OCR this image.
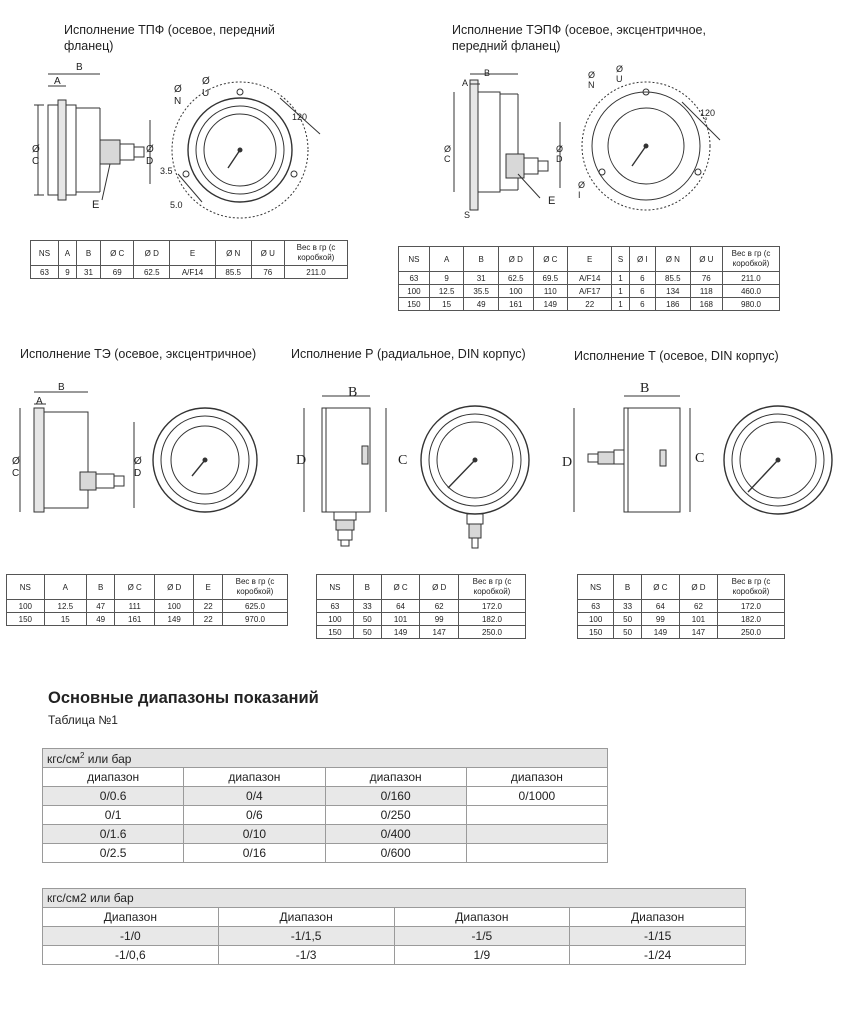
Исполнение ТПФ (осевое, передний фланец)
Исполнение ТЭПФ (осевое, эксцентричное, передний фланец)
Исполнение ТЭ (осевое, эксцентричное)	Исполнение Р (радиальное, DIN корпус)	Исполнение Т (осевое, DIN корпус)
B
A
Ø
C
Ø
D
E
Ø
U
Ø
N
120
3.5
5.0
B
A
Ø
C
Ø
D
E
S
Ø
U
Ø
N
120
°
Ø
I
B
A
Ø
C
Ø
D
D
B
C	D
B
C
NS	A	B	Ø C	Ø D	E	Ø N	Ø U	Вес в гр (с коробкой)
63	9	31	69	62.5	A/F14	85.5	76	211.0
NS	A	B	Ø D	Ø C	E	S	Ø I	Ø N	Ø U	Вес в гр (с коробкой)
63	9	31	62.5	69.5	A/F14	1	6	85.5	76	211.0
100	12.5	35.5	100	110	A/F17	1	6	134	118	460.0
150	15	49	161	149	22	1	6	186	168	980.0
NS	A	B	Ø C	Ø D	E	Вес в гр (с коробкой)
100	12.5	47	111	100	22	625.0
150	15	49	161	149	22	970.0
NS	B	Ø C	Ø D	Вес в гр (с коробкой)
63	33	64	62	172.0
100	50	101	99	182.0
150	50	149	147	250.0
NS	B	Ø C	Ø D	Вес в гр (с коробкой)
63	33	64	62	172.0
100	50	99	101	182.0
150	50	149	147	250.0
Основные диапазоны показаний
Таблица №1
кгс/$см^2$ или бар			
диапазон	диапазон	диапазон	диапазон
0/0.6	0/4	0/160	0/1000
0/1	0/6	0/250	
0/1.6	0/10	0/400	
0/2.5	0/16	0/600	
кгс/см2 или бар			
Диапазон	Диапазон	Диапазон	Диапазон
-1/0	-1/1,5	-1/5	-1/15
-1/0,6	-1/3	1/9	-1/24
